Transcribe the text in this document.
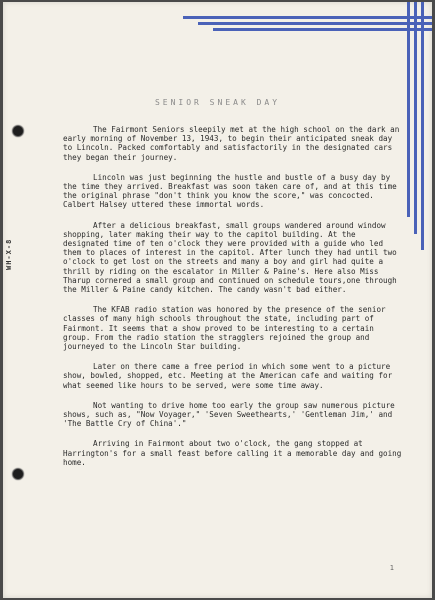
WH-X-8
SENIOR SNEAK DAY

The Fairmont Seniors sleepily met at the high school on the dark an early morning of November 13, 1943, to begin their anticipated sneak day to Lincoln. Packed comfortably and satisfactorily in the designated cars they began their journey.

Lincoln was just beginning the hustle and bustle of a busy day by the time they arrived. Breakfast was soon taken care of, and at this time the original phrase "don't think you know the score," was concocted. Calbert Halsey uttered these immortal words.

After a delicious breakfast, small groups wandered around window shopping, later making their way to the capitol building. At the designated time of ten o'clock they were provided with a guide who led them to places of interest in the capitol. After lunch they had until two o'clock to get lost on the streets and many a boy and girl had quite a thrill by riding on the escalator in Miller & Paine's. Here also Miss Tharup cornered a small group and continued on schedule tours,one through the Miller & Paine candy kitchen. The candy wasn't bad either.

The KFAB radio station was honored by the presence of the senior classes of many high schools throughout the state, including part of Fairmont. It seems that a show proved to be interesting to a certain group. From the radio station the stragglers rejoined the group and journeyed to the Lincoln Star building.

Later on there came a free period in which some went to a picture show, bowled, shopped, etc. Meeting at the American cafe and waiting for what seemed like hours to be served, were some time away.

Not wanting to drive home too early the group saw numerous picture shows, such as, "Now Voyager," 'Seven Sweethearts,' 'Gentleman Jim,' and 'The Battle Cry of China'."

Arriving in Fairmont about two o'clock, the gang stopped at Harrington's for a small feast before calling it a memorable day and going home.

1
